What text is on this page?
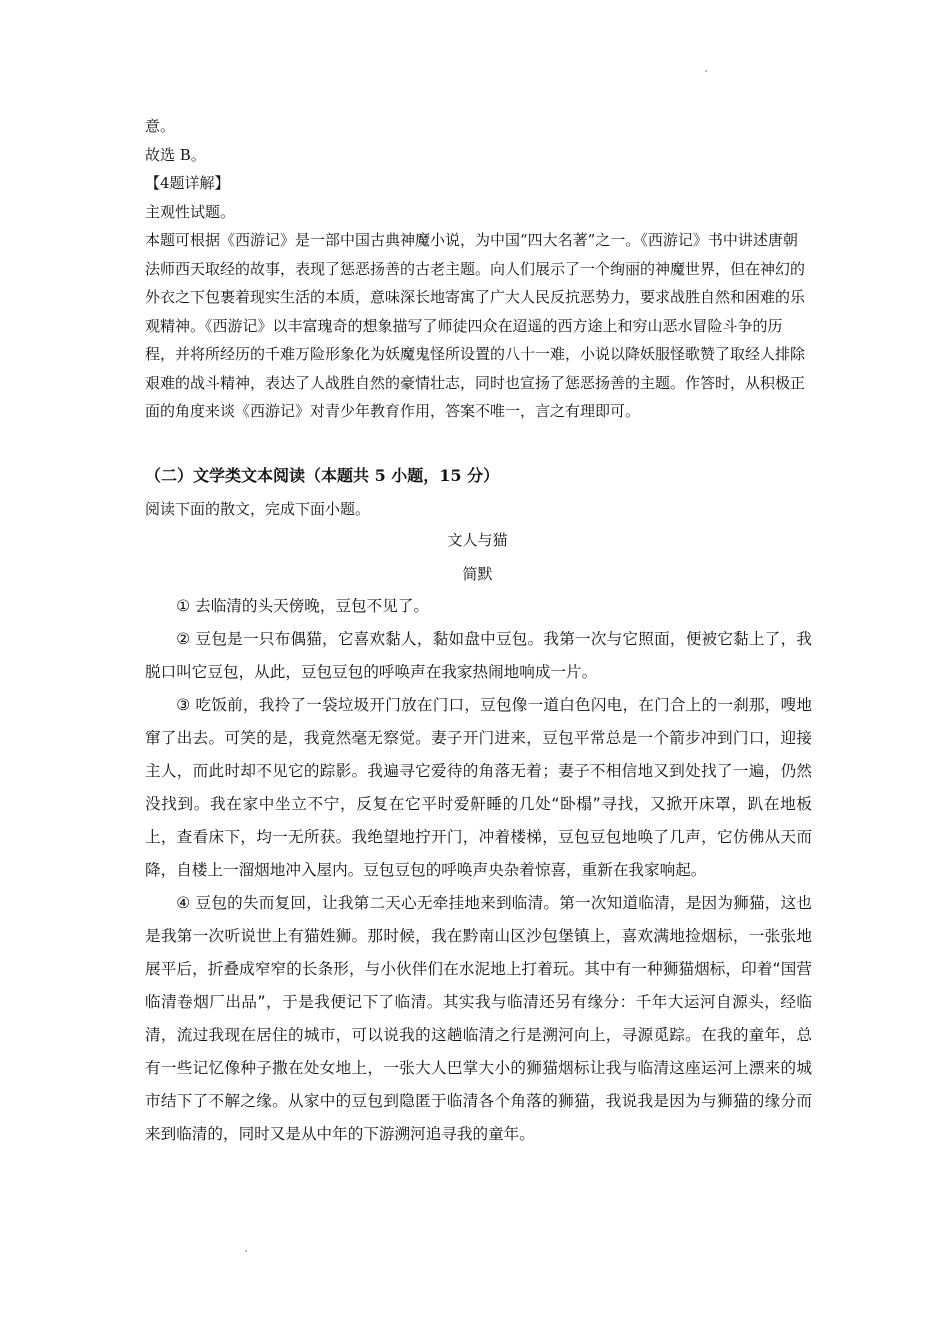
意。

故选 B。

【4题详解】

主观性试题。

本题可根据《西游记》是一部中国古典神魔小说，为中国“四大名著”之一。《西游记》书中讲述唐朝法师西天取经的故事，表现了惩恶扬善的古老主题。向人们展示了一个绚丽的神魔世界，但在神幻的外衣之下包裹着现实生活的本质，意味深长地寄寓了广大人民反抗恶势力，要求战胜自然和困难的乐观精神。《西游记》以丰富瑰奇的想象描写了师徒四众在迢遥的西方途上和穷山恶水冒险斗争的历程，并将所经历的千难万险形象化为妖魔鬼怪所设置的八十一难，小说以降妖服怪歌赞了取经人排除艰难的战斗精神，表达了人战胜自然的豪情壮志，同时也宣扬了惩恶扬善的主题。作答时，从积极正面的角度来谈《西游记》对青少年教育作用，答案不唯一，言之有理即可。

（二）文学类文本阅读（本题共 5 小题，15 分）

阅读下面的散文，完成下面小题。

文人与猫

简默

① 去临清的头天傍晚，豆包不见了。

② 豆包是一只布偶猫，它喜欢黏人，黏如盘中豆包。我第一次与它照面，便被它黏上了，我脱口叫它豆包，从此，豆包豆包的呼唤声在我家热闹地响成一片。

③ 吃饭前，我拎了一袋垃圾开门放在门口，豆包像一道白色闪电，在门合上的一刹那，嗖地窜了出去。可笑的是，我竟然毫无察觉。妻子开门进来，豆包平常总是一个箭步冲到门口，迎接主人，而此时却不见它的踪影。我遍寻它爱待的角落无着；妻子不相信地又到处找了一遍，仍然没找到。我在家中坐立不宁，反复在它平时爱鼾睡的几处“卧榻”寻找，又掀开床罩，趴在地板上，查看床下，均一无所获。我绝望地拧开门，冲着楼梯，豆包豆包地唤了几声，它仿佛从天而降，自楼上一溜烟地冲入屋内。豆包豆包的呼唤声央杂着惊喜，重新在我家响起。

④ 豆包的失而复回，让我第二天心无牵挂地来到临清。第一次知道临清，是因为狮猫，这也是我第一次听说世上有猫姓狮。那时候，我在黔南山区沙包堡镇上，喜欢满地捡烟标，一张张地展平后，折叠成窄窄的长条形，与小伙伴们在水泥地上打着玩。其中有一种狮猫烟标，印着“国营临清卷烟厂出品”，于是我便记下了临清。其实我与临清还另有缘分：千年大运河自源头，经临清，流过我现在居住的城市，可以说我的这趟临清之行是溯河向上，寻源觅踪。在我的童年，总有一些记忆像种子撒在处女地上，一张大人巴掌大小的狮猫烟标让我与临清这座运河上漂来的城市结下了不解之缘。从家中的豆包到隐匿于临清各个角落的狮猫，我说我是因为与狮猫的缘分而来到临清的，同时又是从中年的下游溯河追寻我的童年。
